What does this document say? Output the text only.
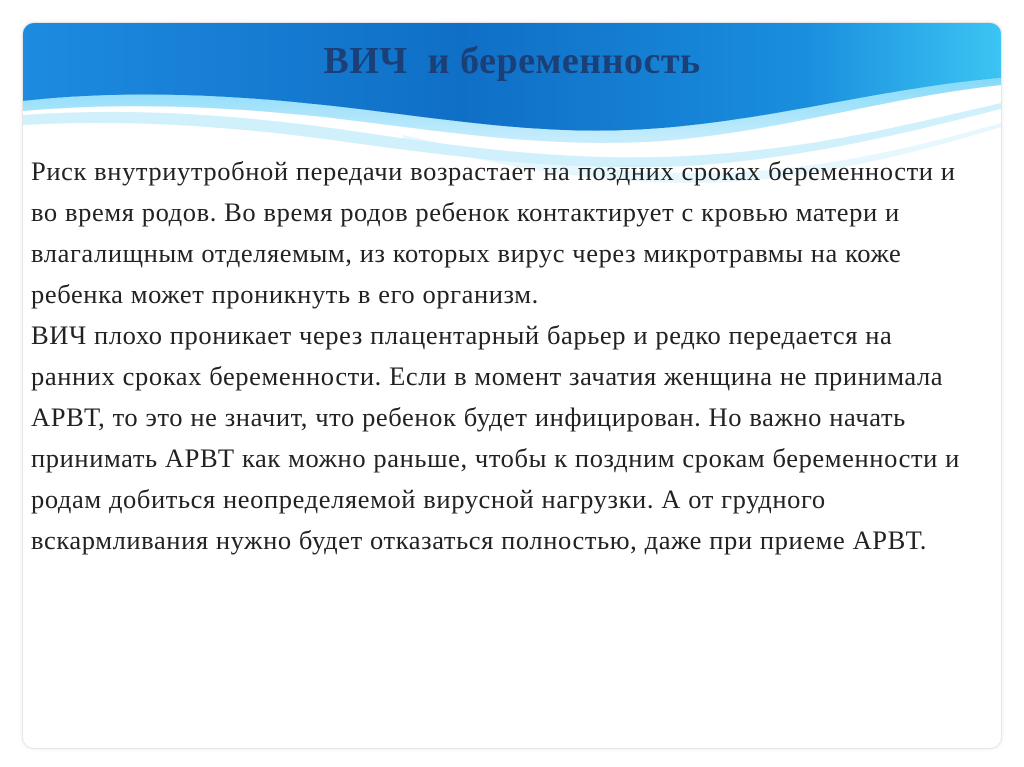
ВИЧ  и беременность

Риск внутриутробной передачи возрастает на поздних сроках беременности и во время родов. Во время родов ребенок контактирует с кровью матери и влагалищным отделяемым, из которых вирус через микротравмы на коже ребенка может проникнуть в его организм.

ВИЧ плохо проникает через плацентарный барьер и редко передается на ранних сроках беременности. Если в момент зачатия женщина не принимала АРВТ, то это не значит, что ребенок будет инфицирован. Но важно начать принимать АРВТ как можно раньше, чтобы к поздним срокам беременности и родам добиться неопределяемой вирусной нагрузки. А от грудного вскармливания нужно будет отказаться полностью, даже при приеме АРВТ.
